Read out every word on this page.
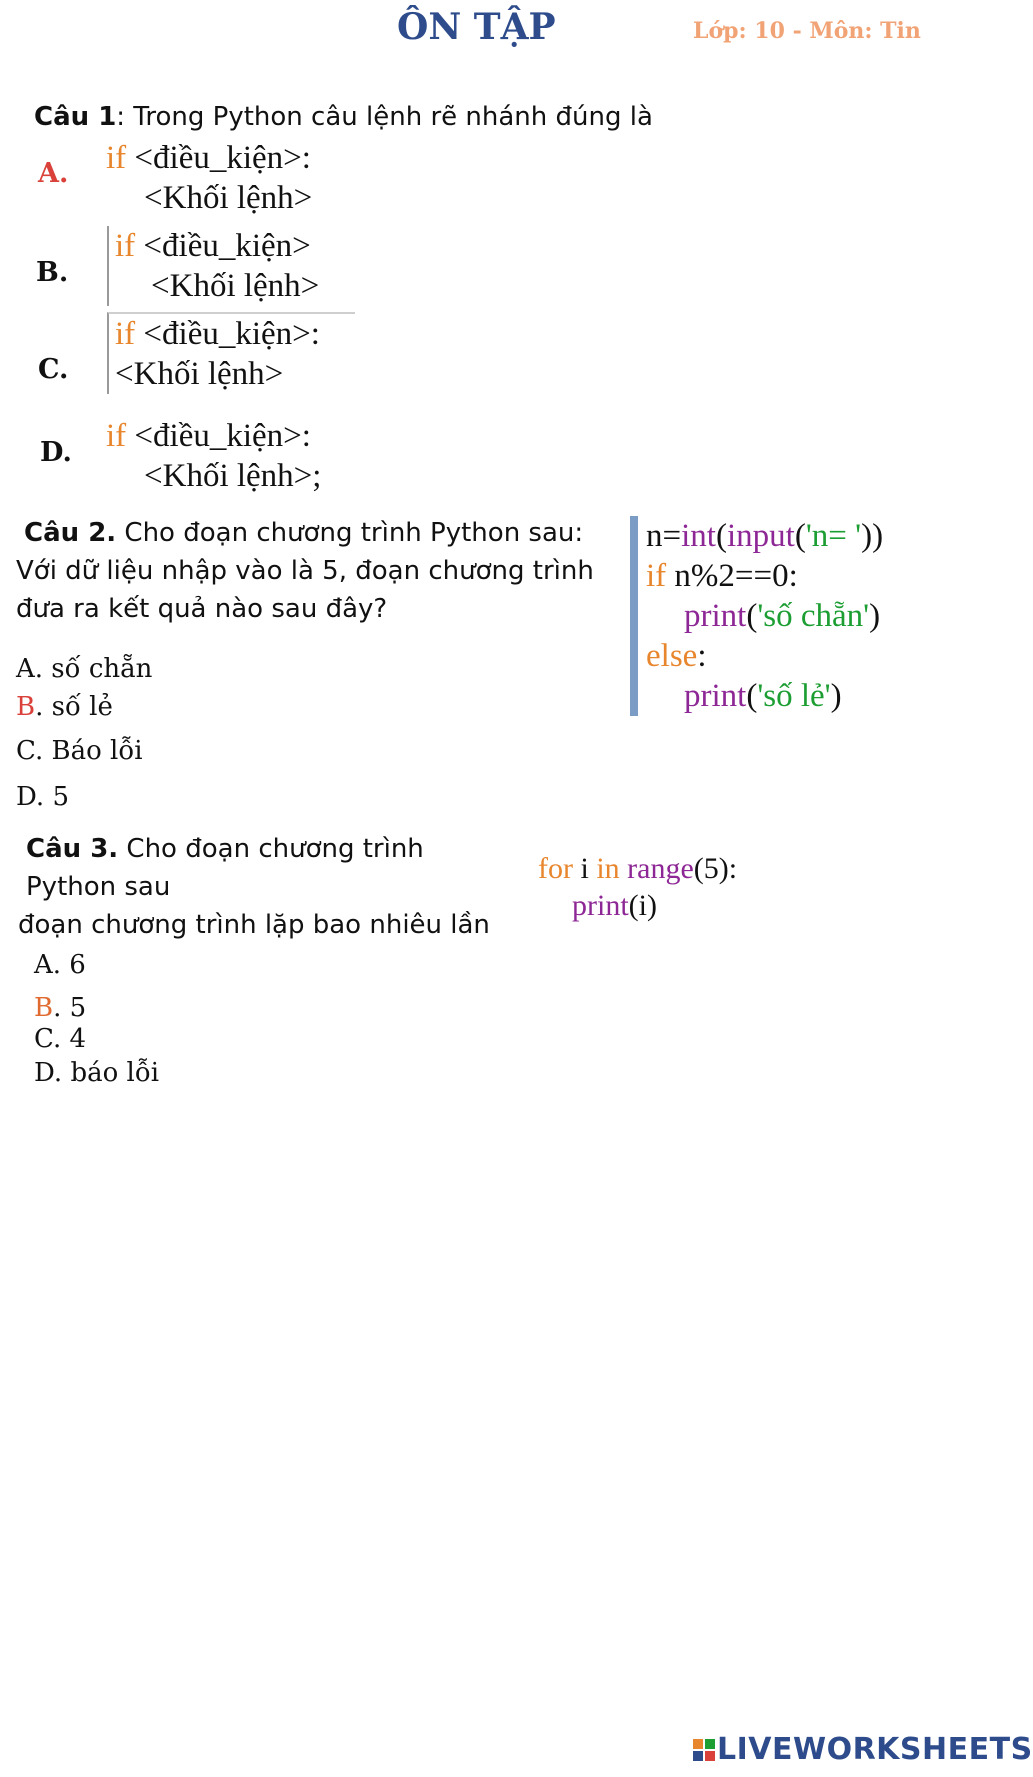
ÔN TẬP	Lớp: 10 - Môn: Tin
Câu 1: Trong Python câu lệnh rẽ nhánh đúng là
A. if <điều_kiện>:
<Khối lệnh>
B.
if <điều_kiện>
<Khối lệnh>
C.
if <điều_kiện>:
<Khối lệnh>
D. if <điều_kiện>:
<Khối lệnh>;
Câu 2. Cho đoạn chương trình Python sau:
Với dữ liệu nhập vào là 5, đoạn chương trình
đưa ra kết quả nào sau đây?
A. số chẵn
B. số lẻ
C. Báo lỗi
D. 5
n=int(input('n= '))
if n%2==0:
print('số chẵn')
else:
print('số lẻ')
Câu 3. Cho đoạn chương trình
Python sau
đoạn chương trình lặp bao nhiêu lần
for i in range(5):
print(i)
A. 6
B. 5
C. 4
D. báo lỗi
LIVEWORKSHEETS
